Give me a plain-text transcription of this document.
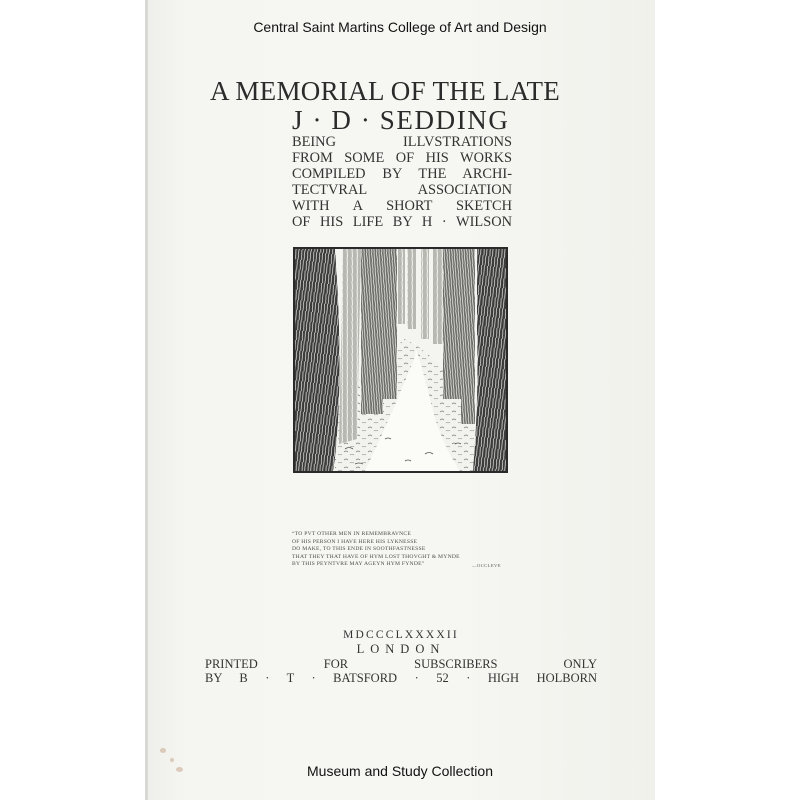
Central Saint Martins College of Art and Design
A MEMORIAL OF THE LATE
J · D · SEDDING
BEING ILLVSTRATIONS
FROM SOME OF HIS WORKS
COMPILED BY THE ARCHI-
TECTVRAL ASSOCIATION
WITH A SHORT SKETCH
OF HIS LIFE BY H · WILSON
“TO PVT OTHER MEN IN REMEMBRAVNCE
OF HIS PERSON I HAVE HERE HIS LYKNESSE
DO MAKE, TO THIS ENDE IN SOOTHFASTNESSE
THAT THEY THAT HAVE OF HYM LOST THOVGHT & MYNDE
BY THIS PEYNTVRE MAY AGEYN HYM FYNDE”	—OCCLEVE
MDCCCLXXXXII
LONDON
PRINTED FOR SUBSCRIBERS ONLY
BY B · T · BATSFORD · 52 · HIGH HOLBORN
Museum and Study Collection
